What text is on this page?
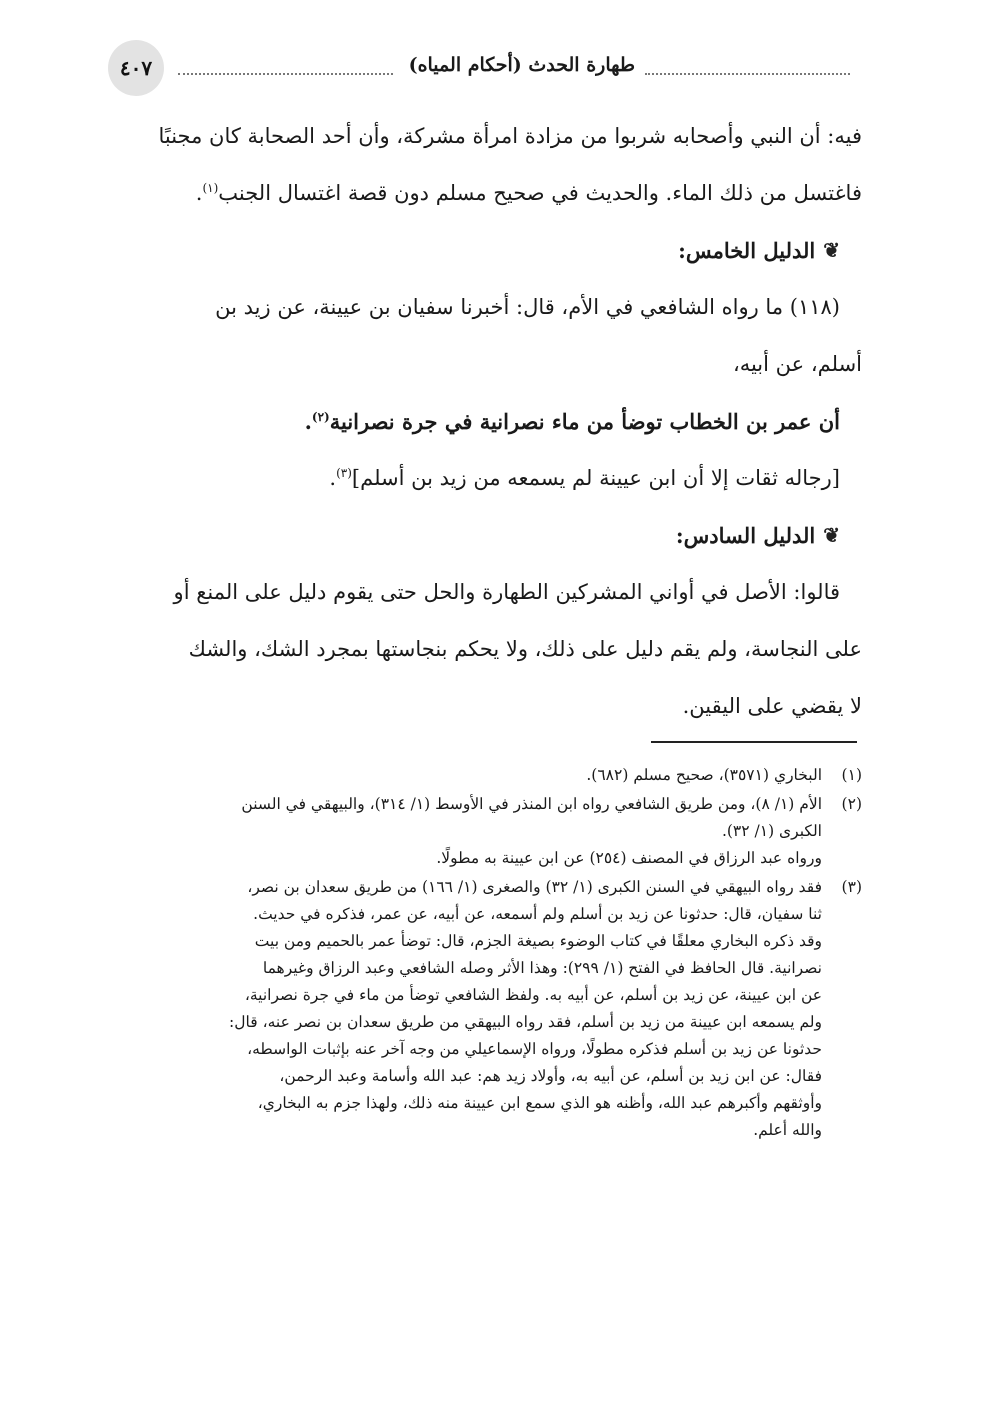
طهارة الحدث (أحكام المياه)
٤٠٧

فيه: أن النبي وأصحابه شربوا من مزادة امرأة مشركة، وأن أحد الصحابة كان مجنبًا

فاغتسل من ذلك الماء. والحديث في صحيح مسلم دون قصة اغتسال الجنب$^{(١)}$.

❦
الدليل الخامس:

(١١٨) ما رواه الشافعي في الأم، قال: أخبرنا سفيان بن عيينة، عن زيد بن

أسلم، عن أبيه،

أن عمر بن الخطاب توضأ من ماء نصرانية في جرة نصرانية$^{(٢)}$.
[رجاله ثقات إلا أن ابن عيينة لم يسمعه من زيد بن أسلم]$^{(٣)}$.
❦
الدليل السادس:

قالوا: الأصل في أواني المشركين الطهارة والحل حتى يقوم دليل على المنع أو

على النجاسة، ولم يقم دليل على ذلك، ولا يحكم بنجاستها بمجرد الشك، والشك

لا يقضي على اليقين.

(١)
البخاري (٣٥٧١)، صحيح مسلم (٦٨٢).
(٢)
الأم (١/ ٨)، ومن طريق الشافعي رواه ابن المنذر في الأوسط (١/ ٣١٤)، والبيهقي في السنن
الكبرى (١/ ٣٢).
ورواه عبد الرزاق في المصنف (٢٥٤) عن ابن عيينة به مطولًا.
(٣)
فقد رواه البيهقي في السنن الكبرى (١/ ٣٢) والصغرى (١/ ١٦٦) من طريق سعدان بن نصر،
ثنا سفيان، قال: حدثونا عن زيد بن أسلم ولم أسمعه، عن أبيه، عن عمر، فذكره في حديث.
وقد ذكره البخاري معلقًا في كتاب الوضوء بصيغة الجزم، قال: توضأ عمر بالحميم ومن بيت
نصرانية. قال الحافظ في الفتح (١/ ٢٩٩): وهذا الأثر وصله الشافعي وعبد الرزاق وغيرهما
عن ابن عيينة، عن زيد بن أسلم، عن أبيه به. ولفظ الشافعي توضأ من ماء في جرة نصرانية،
ولم يسمعه ابن عيينة من زيد بن أسلم، فقد رواه البيهقي من طريق سعدان بن نصر عنه، قال:
حدثونا عن زيد بن أسلم فذكره مطولًا، ورواه الإسماعيلي من وجه آخر عنه بإثبات الواسطه،
فقال: عن ابن زيد بن أسلم، عن أبيه به، وأولاد زيد هم: عبد الله وأسامة وعبد الرحمن،
وأوثقهم وأكبرهم عبد الله، وأظنه هو الذي سمع ابن عيينة منه ذلك، ولهذا جزم به البخاري،
والله أعلم.
